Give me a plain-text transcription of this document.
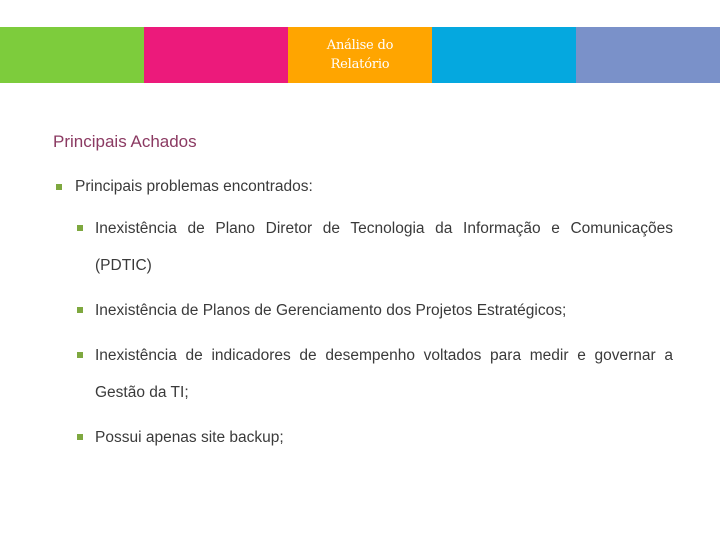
Análise do
Relatório
Principais Achados
Principais problemas encontrados:
Inexistência de Plano Diretor de Tecnologia da Informação e Comunicações (PDTIC)
Inexistência de Planos de Gerenciamento dos Projetos Estratégicos;
Inexistência de indicadores de desempenho voltados para medir e governar a Gestão da TI;
Possui apenas site backup;
